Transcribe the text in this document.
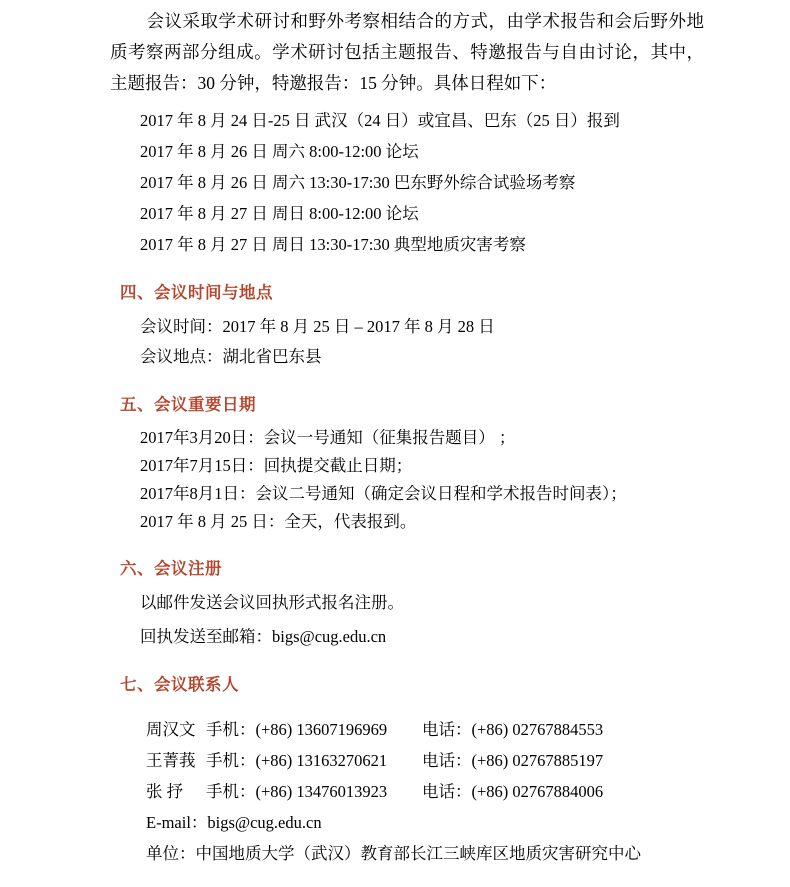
会议采取学术研讨和野外考察相结合的方式，由学术报告和会后野外地质考察两部分组成。学术研讨包括主题报告、特邀报告与自由讨论，其中，主题报告：30 分钟，特邀报告：15 分钟。具体日程如下：

2017 年 8 月 24 日-25 日 武汉（24 日）或宜昌、巴东（25 日）报到
2017 年 8 月 26 日 周六 8:00-12:00 论坛
2017 年 8 月 26 日 周六 13:30-17:30 巴东野外综合试验场考察
2017 年 8 月 27 日 周日 8:00-12:00 论坛
2017 年 8 月 27 日 周日 13:30-17:30 典型地质灾害考察
四、会议时间与地点
会议时间：2017 年 8 月 25 日 – 2017 年 8 月 28 日
会议地点：湖北省巴东县
五、会议重要日期
2017年3月20日：会议一号通知（征集报告题目） ；
2017年7月15日：回执提交截止日期；
2017年8月1日：会议二号通知（确定会议日程和学术报告时间表）；
2017 年 8 月 25 日：全天，代表报到。
六、会议注册
以邮件发送会议回执形式报名注册。
回执发送至邮箱：bigs@cug.edu.cn
七、会议联系人
周汉文 手机：(+86) 13607196969 电话：(+86) 02767884553
王菁莪 手机：(+86) 13163270621 电话：(+86) 02767885197
张 抒 手机：(+86) 13476013923 电话：(+86) 02767884006
E-mail：bigs@cug.edu.cn
单位：中国地质大学（武汉）教育部长江三峡库区地质灾害研究中心
